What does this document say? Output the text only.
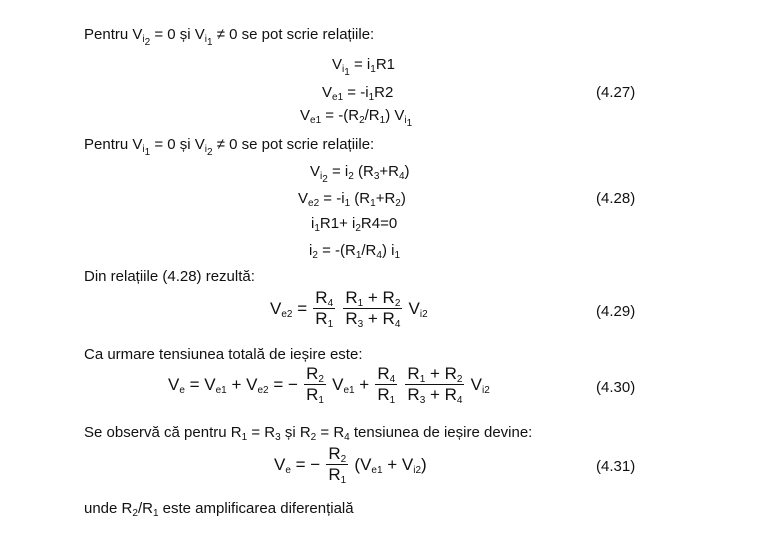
Pentru $V_{i_2} = 0$ și $V_{i_1} \ne 0$ se pot scrie relațiile:
$V_{i_1} = i_1R1$
$V_{e1} = -i_1R2$	(4.27)
$V_{e1} = -(R_2/R_1)$ $V_{i_1}$
Pentru $V_{i_1} = 0$ și $V_{i_2} \ne 0$ se pot scrie relațiile:
$V_{i_2} = i_2$ $(R_3+R_4)$
$V_{e2} = -i_1$ $(R_1+R_2)$	(4.28)
$i_1R1+ i_2R4=0$
$i_2 = -(R_1/R_4)$ $i_1$
Din relațiile (4.28) rezultă:
$V_{e2} = \frac{R_4}{R_1}$
$\frac{R_1 + R_2}{R_3 + R_4} V_{i2}$	(4.29)
Ca urmare tensiunea totală de ieșire este:
$V_e = V_{e1} + V_{e2}$ = − $\frac{R_2}{R_1} V_{e1} + \frac{R_4}{R_1}$
$\frac{R_1 + R_2}{R_3 + R_4} V_{i2}$	(4.30)
Se observă că pentru $R_1 = R_3$ și $R_2 = R_4$ tensiunea de ieșire devine:
$V_e$ = − $\frac{R_2}{R_1} (V_{e1} + V_{i2})$	(4.31)
unde $R_2/R_1$ este amplificarea diferențială
